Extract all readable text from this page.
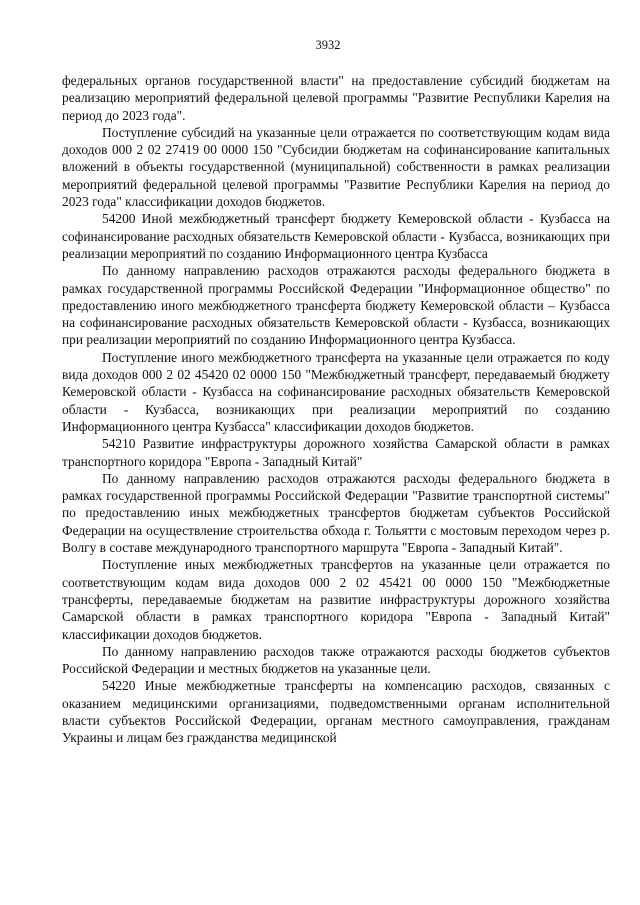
3932

федеральных органов государственной власти" на предоставление субсидий бюджетам на реализацию мероприятий федеральной целевой программы "Развитие Республики Карелия на период до 2023 года".

Поступление субсидий на указанные цели отражается по соответствующим кодам вида доходов 000 2 02 27419 00 0000 150 "Субсидии бюджетам на софинансирование капитальных вложений в объекты государственной (муниципальной) собственности в рамках реализации мероприятий федеральной целевой программы "Развитие Республики Карелия на период до 2023 года" классификации доходов бюджетов.

54200 Иной межбюджетный трансферт бюджету Кемеровской области - Кузбасса на софинансирование расходных обязательств Кемеровской области - Кузбасса, возникающих при реализации мероприятий по созданию Информационного центра Кузбасса

По данному направлению расходов отражаются расходы федерального бюджета в рамках государственной программы Российской Федерации "Информационное общество" по предоставлению иного межбюджетного трансферта бюджету Кемеровской области – Кузбасса на софинансирование расходных обязательств Кемеровской области - Кузбасса, возникающих при реализации мероприятий по созданию Информационного центра Кузбасса.

Поступление иного межбюджетного трансферта на указанные цели отражается по коду вида доходов 000 2 02 45420 02 0000 150 "Межбюджетный трансферт, передаваемый бюджету Кемеровской области - Кузбасса на софинансирование расходных обязательств Кемеровской области - Кузбасса, возникающих при реализации мероприятий по созданию Информационного центра Кузбасса" классификации доходов бюджетов.

54210 Развитие инфраструктуры дорожного хозяйства Самарской области в рамках транспортного коридора "Европа - Западный Китай"

По данному направлению расходов отражаются расходы федерального бюджета в рамках государственной программы Российской Федерации "Развитие транспортной системы" по предоставлению иных межбюджетных трансфертов бюджетам субъектов Российской Федерации на осуществление строительства обхода г. Тольятти с мостовым переходом через р. Волгу в составе международного транспортного маршрута "Европа - Западный Китай".

Поступление иных межбюджетных трансфертов на указанные цели отражается по соответствующим кодам вида доходов 000 2 02 45421 00 0000 150 "Межбюджетные трансферты, передаваемые бюджетам на развитие инфраструктуры дорожного хозяйства Самарской области в рамках транспортного коридора "Европа - Западный Китай" классификации доходов бюджетов.

По данному направлению расходов также отражаются расходы бюджетов субъектов Российской Федерации и местных бюджетов на указанные цели.

54220 Иные межбюджетные трансферты на компенсацию расходов, связанных с оказанием медицинскими организациями, подведомственными органам исполнительной власти субъектов Российской Федерации, органам местного самоуправления, гражданам Украины и лицам без гражданства медицинской
